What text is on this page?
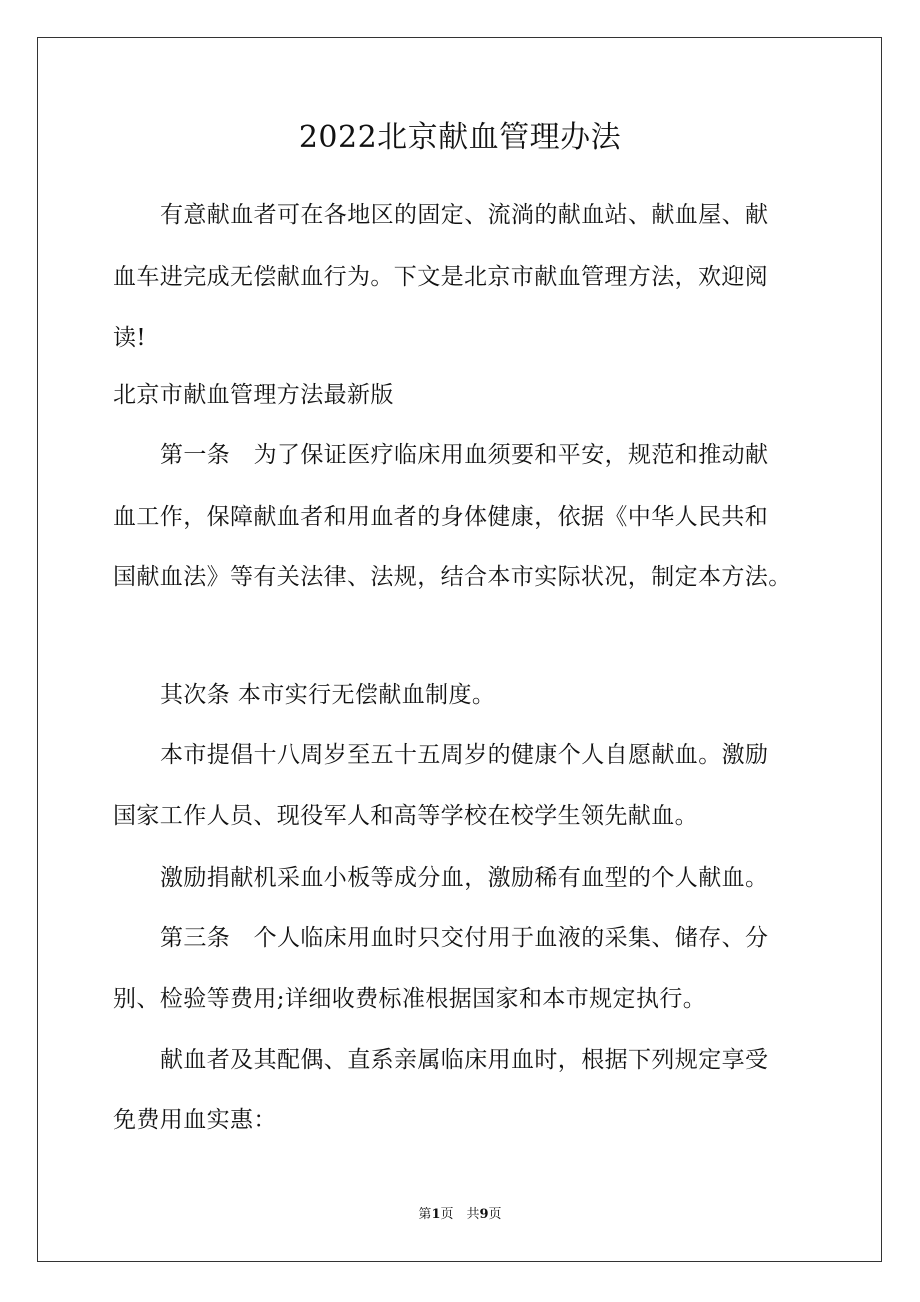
2022北京献血管理办法
有意献血者可在各地区的固定、流淌的献血站、献血屋、献
血车进完成无偿献血行为。下文是北京市献血管理方法，欢迎阅
读!
北京市献血管理方法最新版
第一条　为了保证医疗临床用血须要和平安，规范和推动献
血工作，保障献血者和用血者的身体健康，依据《中华人民共和
国献血法》等有关法律、法规，结合本市实际状况，制定本方法。
其次条 本市实行无偿献血制度。
本市提倡十八周岁至五十五周岁的健康个人自愿献血。激励
国家工作人员、现役军人和高等学校在校学生领先献血。
激励捐献机采血小板等成分血，激励稀有血型的个人献血。
第三条　个人临床用血时只交付用于血液的采集、储存、分
别、检验等费用;详细收费标准根据国家和本市规定执行。
献血者及其配偶、直系亲属临床用血时，根据下列规定享受
免费用血实惠：
第1页　共9页
